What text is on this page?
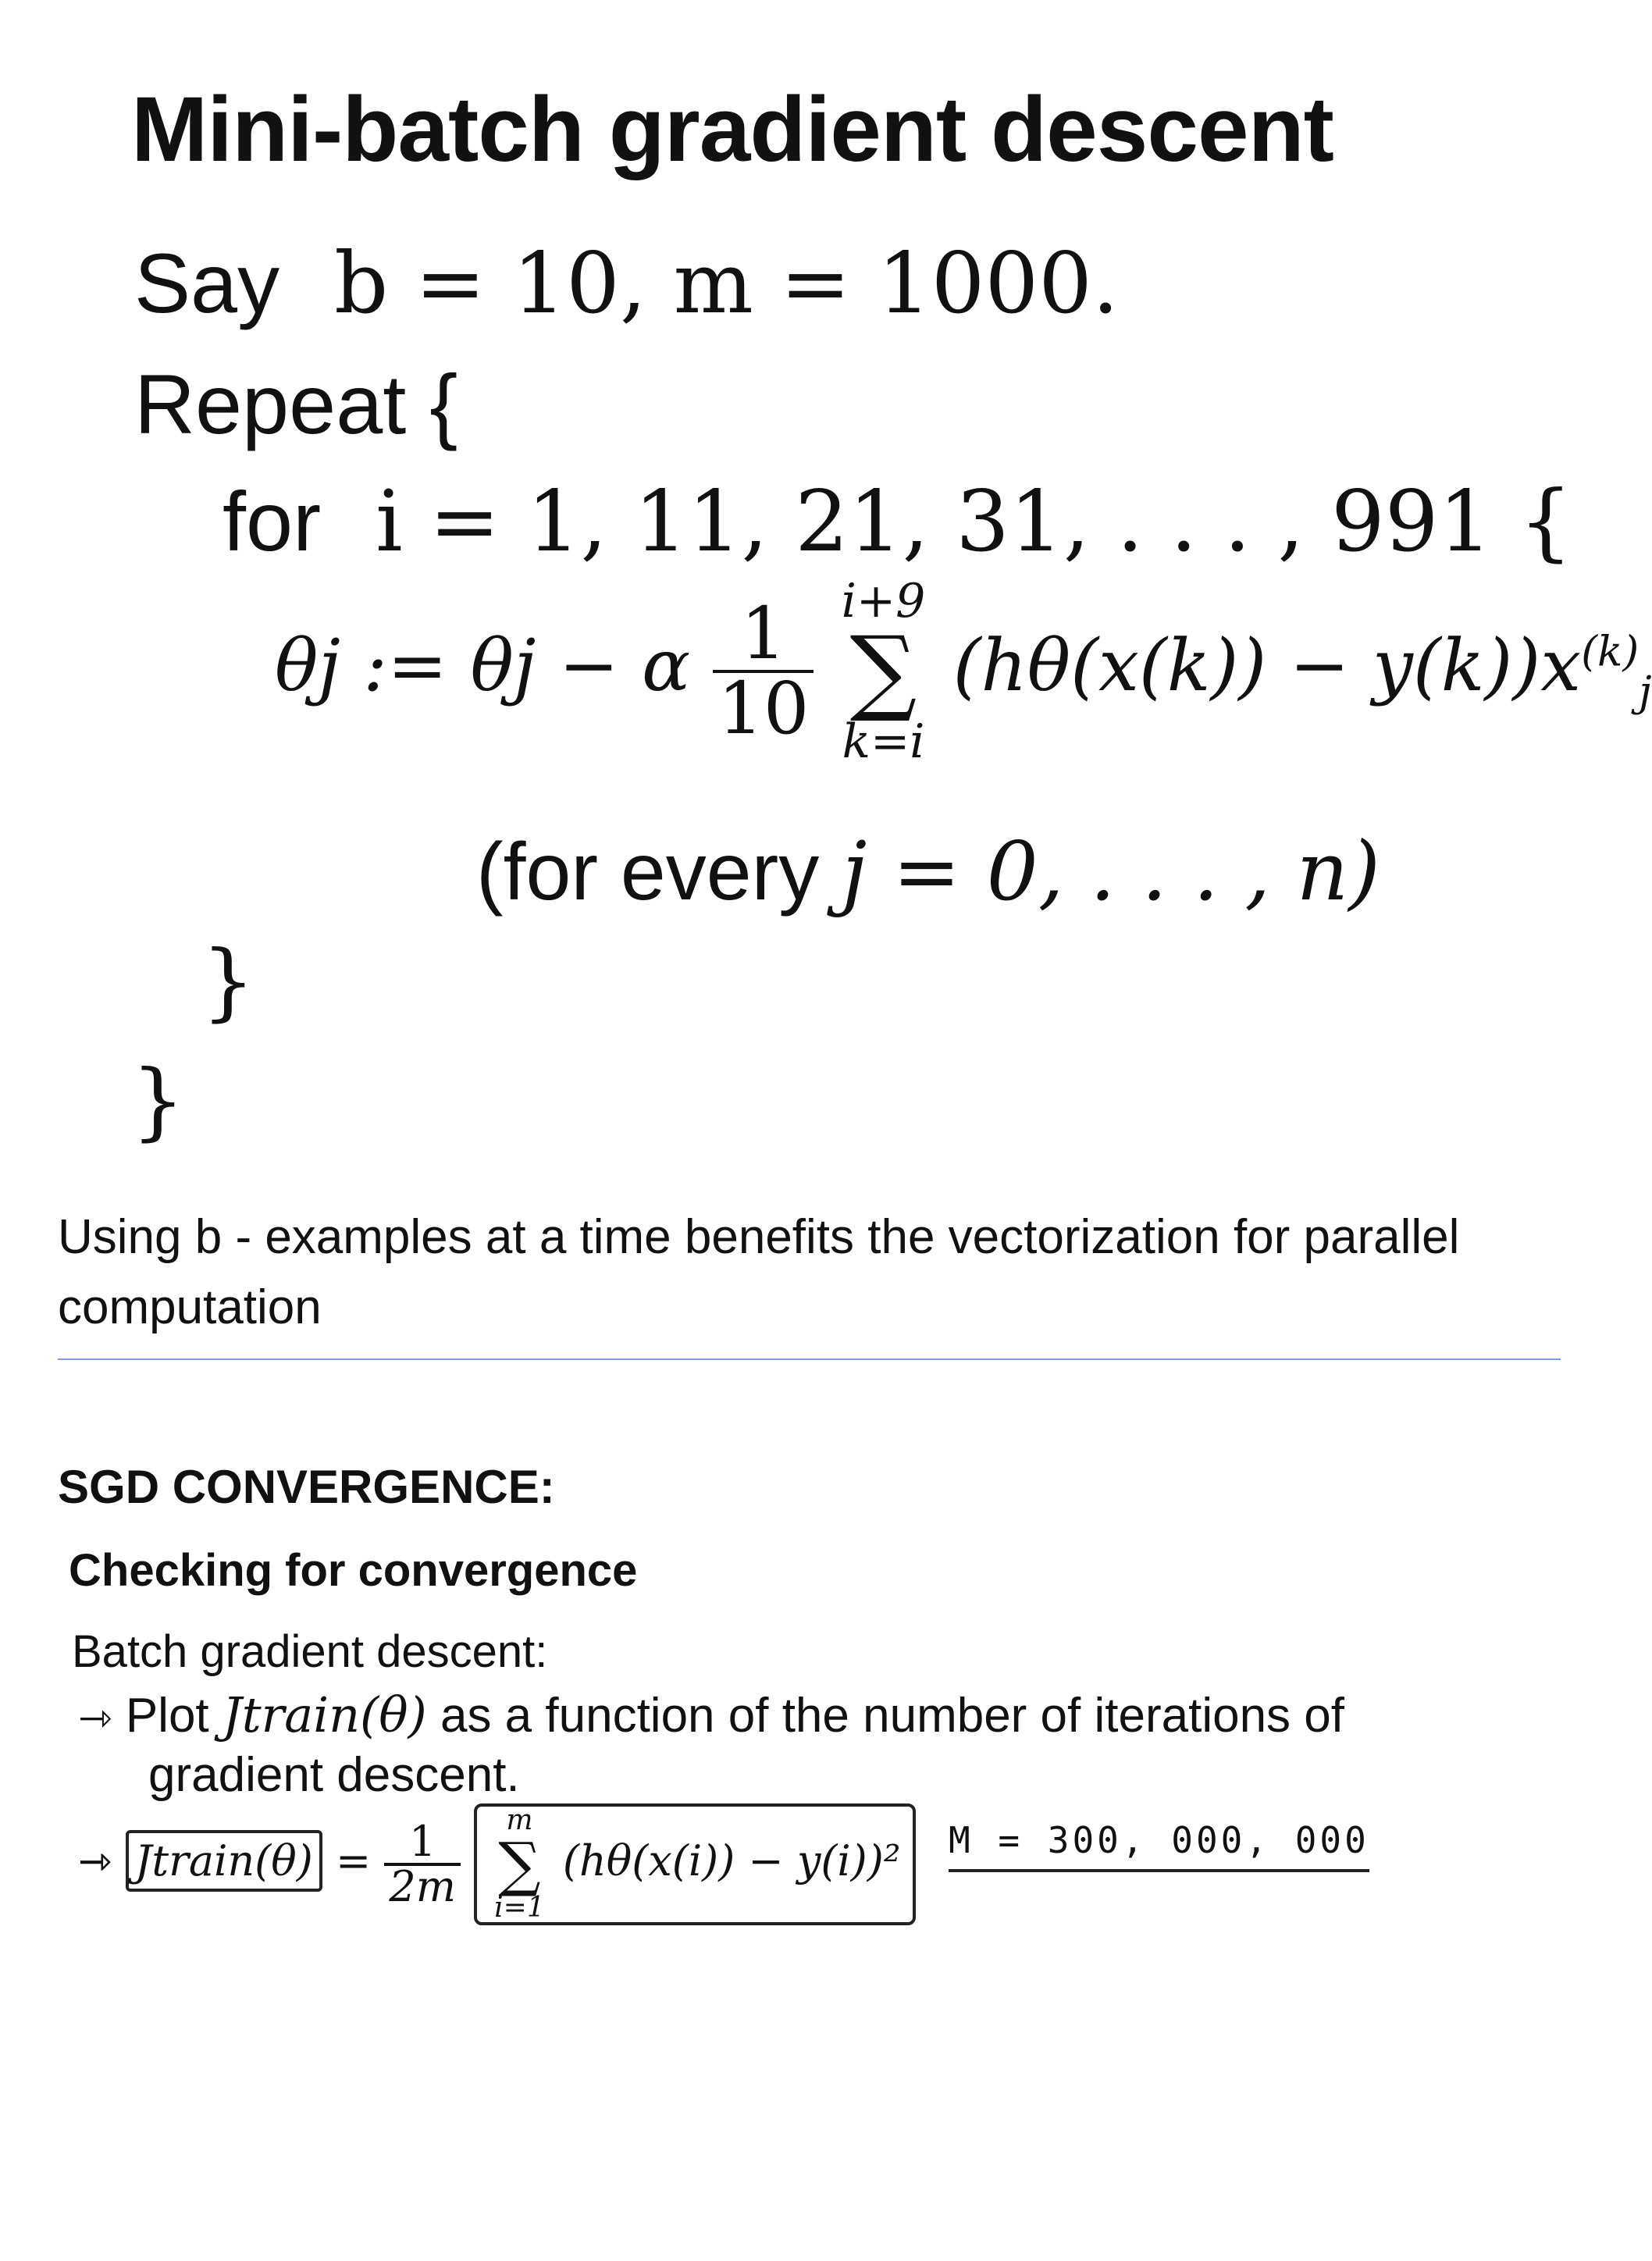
Mini-batch gradient descent
Say b = 10, m = 1000.
Repeat {
for i = 1, 11, 21, 31, . . . , 991 {
θj := θj − α $\frac{1}{10}$
i+9
∑
k=i
$(h\theta(x(k)) - y(k))x^{(k)}_j$
(for every j = 0, . . . , n)
}
}
Using b - examples at a time benefits the vectorization for parallel computation
SGD CONVERGENCE:
Checking for convergence
Batch gradient descent:
⇾ Plot Jtrain(θ) as a function of the number of iterations of
gradient descent.
⇾ Jtrain(θ) = $\frac{1}{2m}$

m
∑
i=1
(hθ(x(i)) − y(i))²	M = 300, 000, 000
